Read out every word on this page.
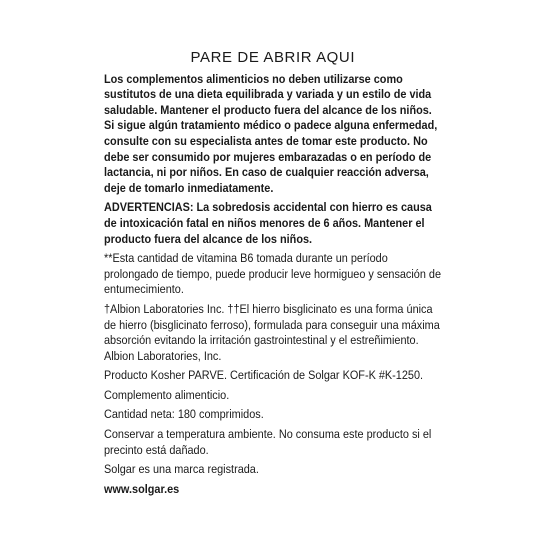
PARE DE ABRIR AQUI
Los complementos alimenticios no deben utilizarse como sustitutos de una dieta equilibrada y variada y un estilo de vida saludable. Mantener el producto fuera del alcance de los niños. Si sigue algún tratamiento médico o padece alguna enfermedad, consulte con su especialista antes de tomar este producto. No debe ser consumido por mujeres embarazadas o en período de lactancia, ni por niños. En caso de cualquier reacción adversa, deje de tomarlo inmediatamente.
ADVERTENCIAS: La sobredosis accidental con hierro es causa de intoxicación fatal en niños menores de 6 años. Mantener el producto fuera del alcance de los niños.
**Esta cantidad de vitamina B6 tomada durante un período prolongado de tiempo, puede producir leve hormigueo y sensación de entumecimiento.
†Albion Laboratories Inc. ††El hierro bisglicinato es una forma única de hierro (bisglicinato ferroso), formulada para conseguir una máxima absorción evitando la irritación gastrointestinal y el estreñimiento. Albion Laboratories, Inc.
Producto Kosher PARVE. Certificación de Solgar KOF-K #K-1250.
Complemento alimenticio.
Cantidad neta: 180 comprimidos.
Conservar a temperatura ambiente. No consuma este producto si el precinto está dañado.
Solgar es una marca registrada.
www.solgar.es
